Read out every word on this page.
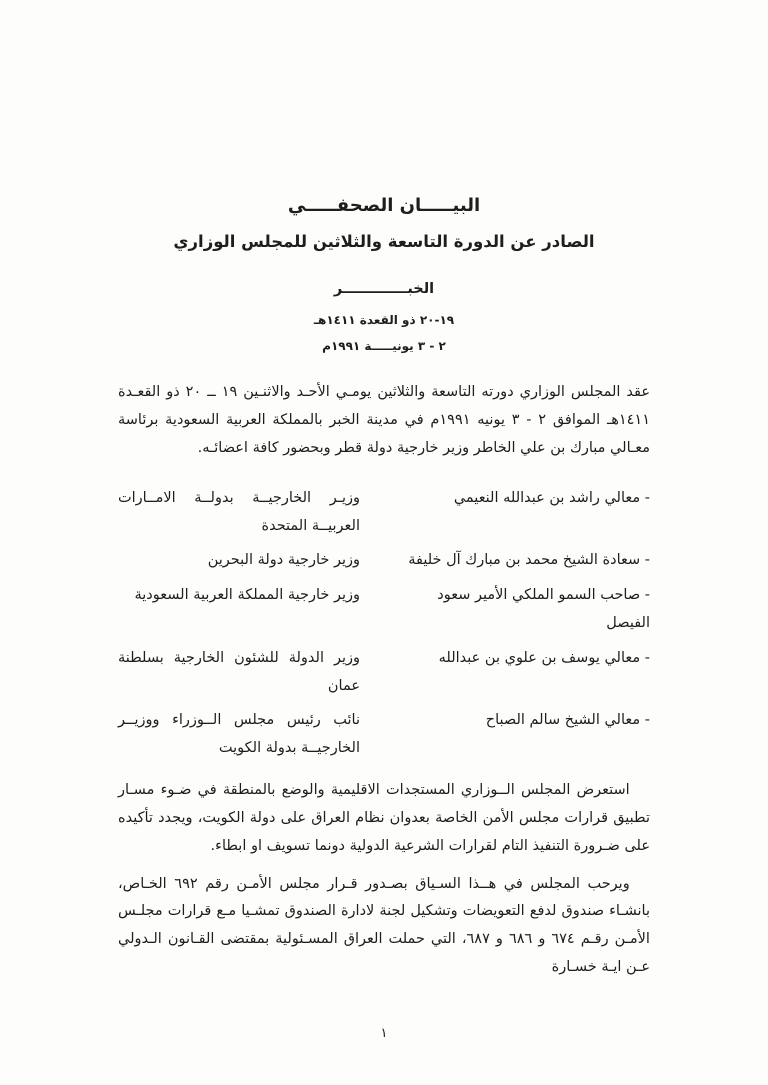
البيـــــان الصحفـــــي
الصادر عن الدورة التاسعة والثلاثين للمجلس الوزاري
الخبـــــــــــــر
١٩-٢٠ ذو القعدة ١٤١١هـ
٢ - ٣ يونيـــــة ١٩٩١م

عقد المجلس الوزاري دورته التاسعة والثلاثين يومـي الأحـد والاثنـين ١٩ ــ ٢٠ ذو القعـدة ١٤١١هـ الموافق ٢ - ٣ يونيه ١٩٩١م في مدينة الخبر بالمملكة العربية السعودية برئاسة معـالي مبارك بن علي الخاطر وزير خارجية دولة قطر وبحضور كافة اعضائـه.

- معالي راشد بن عبدالله النعيمي
وزيـر الخارجيــة بدولــة الامــارات العربيــة المتحدة
- سعادة الشيخ محمد بن مبارك آل خليفة
وزير خارجية دولة البحرين
- صاحب السمو الملكي الأمير سعود الفيصل
وزير خارجية المملكة العربية السعودية
- معالي يوسف بن علوي بن عبدالله
وزير الدولة للشئون الخارجية بسلطنة عمان
- معالي الشيخ سالم الصباح
نائب رئيس مجلس الــوزراء ووزيــر الخارجيــة بدولة الكويت

استعرض المجلس الــوزاري المستجدات الاقليمية والوضع بالمنطقة في ضـوء مسـار تطبيق قرارات مجلس الأمن الخاصة بعدوان نظام العراق على دولة الكويت، ويجدد تأكيده على ضـرورة التنفيذ التام لقرارات الشرعية الدولية دونما تسويف او ابطاء.

ويرحب المجلس في هــذا السـياق بصـدور قـرار مجلس الأمـن رقم ٦٩٢ الخـاص، بانشـاء صندوق لدفع التعويضات وتشكيل لجنة لادارة الصندوق تمشـيا مـع قرارات مجلـس الأمـن رقـم ٦٧٤ و ٦٨٦ و ٦٨٧، التي حملت العراق المسـئولية بمقتضى القـانون الـدولي عـن ايـة خسـارة

١
